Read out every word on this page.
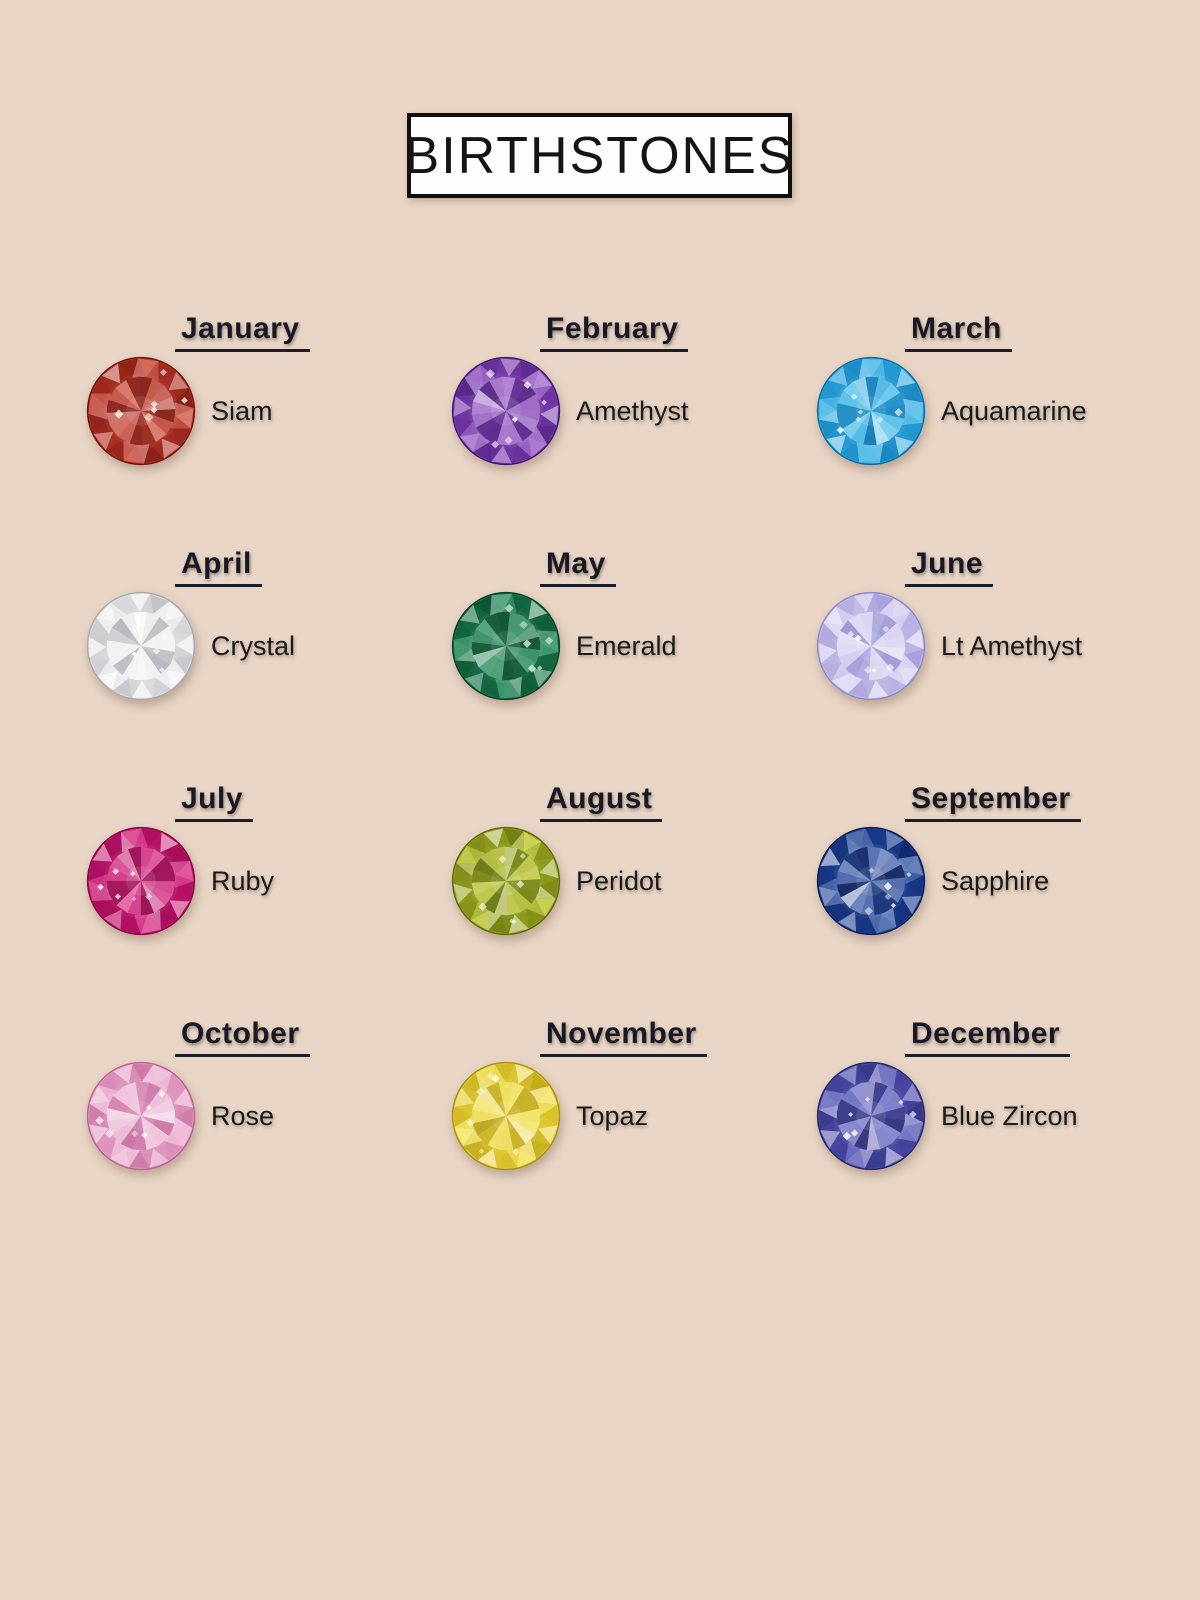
BIRTHSTONES
January
Siam
February
Amethyst
March
Aquamarine
April
Crystal
May
Emerald
June
Lt Amethyst
July
Ruby
August
Peridot
September
Sapphire
October
Rose
November
Topaz
December
Blue Zircon
